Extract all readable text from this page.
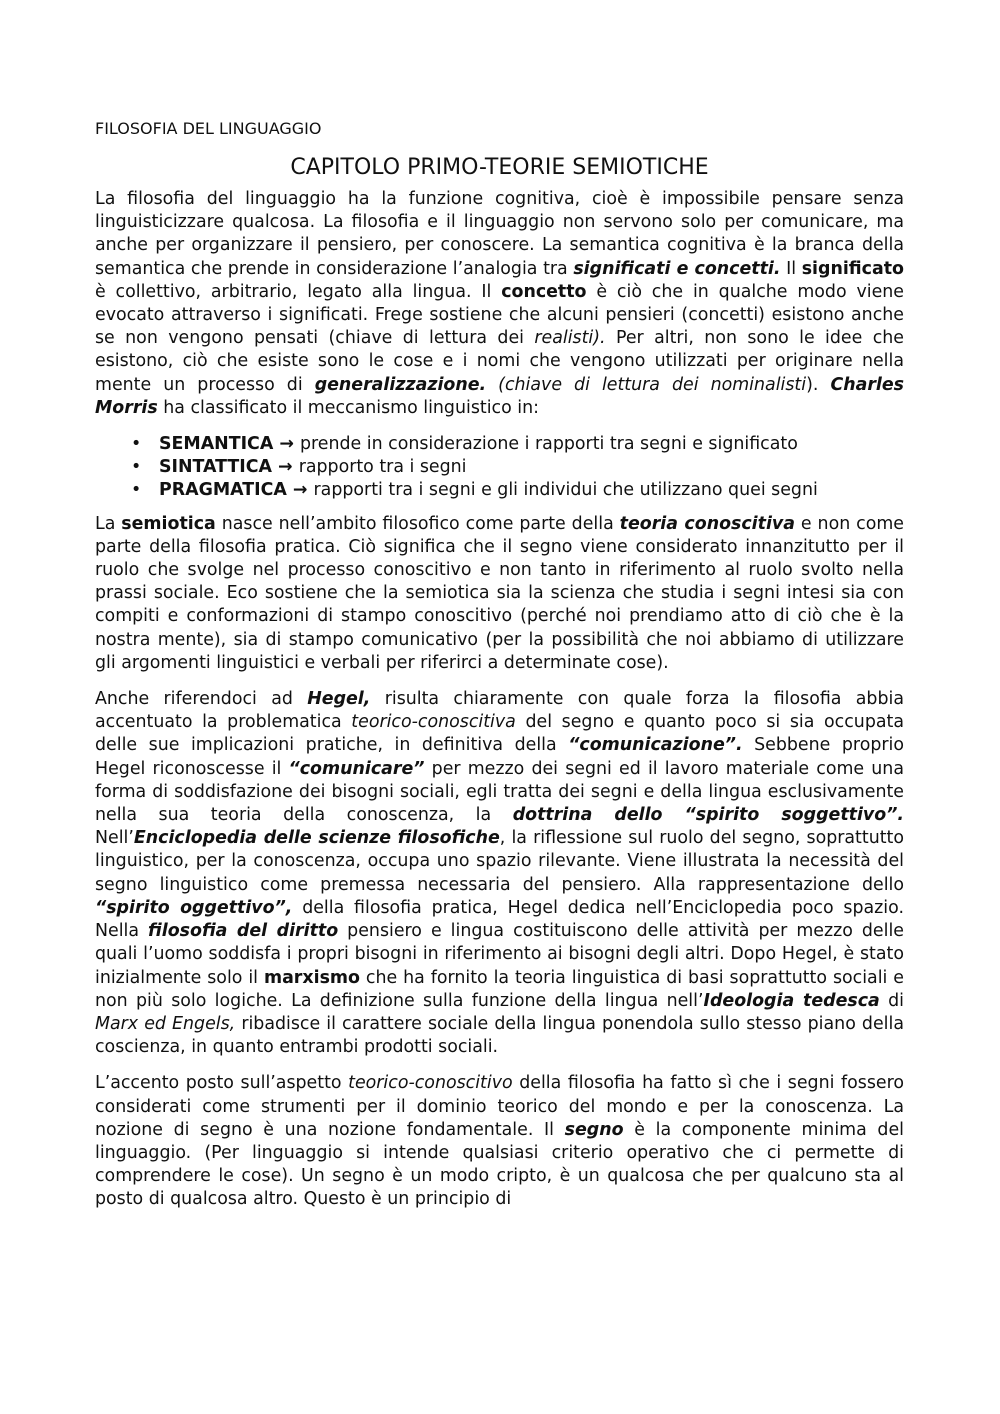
FILOSOFIA DEL LINGUAGGIO
CAPITOLO PRIMO-TEORIE SEMIOTICHE

La filosofia del linguaggio ha la funzione cognitiva, cioè è impossibile pensare senza linguisticizzare qualcosa. La filosofia e il linguaggio non servono solo per comunicare, ma anche per organizzare il pensiero, per conoscere. La semantica cognitiva è la branca della semantica che prende in considerazione l’analogia tra significati e concetti. Il significato è collettivo, arbitrario, legato alla lingua. Il concetto è ciò che in qualche modo viene evocato attraverso i significati. Frege sostiene che alcuni pensieri (concetti) esistono anche se non vengono pensati (chiave di lettura dei realisti). Per altri, non sono le idee che esistono, ciò che esiste sono le cose e i nomi che vengono utilizzati per originare nella mente un processo di generalizzazione. (chiave di lettura dei nominalisti). Charles Morris ha classificato il meccanismo linguistico in:

• SEMANTICA → prende in considerazione i rapporti tra segni e significato
• SINTATTICA → rapporto tra i segni
• PRAGMATICA → rapporti tra i segni e gli individui che utilizzano quei segni

La semiotica nasce nell’ambito filosofico come parte della teoria conoscitiva e non come parte della filosofia pratica. Ciò significa che il segno viene considerato innanzitutto per il ruolo che svolge nel processo conoscitivo e non tanto in riferimento al ruolo svolto nella prassi sociale. Eco sostiene che la semiotica sia la scienza che studia i segni intesi sia con compiti e conformazioni di stampo conoscitivo (perché noi prendiamo atto di ciò che è la nostra mente), sia di stampo comunicativo (per la possibilità che noi abbiamo di utilizzare gli argomenti linguistici e verbali per riferirci a determinate cose).

Anche riferendoci ad Hegel, risulta chiaramente con quale forza la filosofia abbia accentuato la problematica teorico-conoscitiva del segno e quanto poco si sia occupata delle sue implicazioni pratiche, in definitiva della “comunicazione”. Sebbene proprio Hegel riconoscesse il “comunicare” per mezzo dei segni ed il lavoro materiale come una forma di soddisfazione dei bisogni sociali, egli tratta dei segni e della lingua esclusivamente nella sua teoria della conoscenza, la dottrina dello “spirito soggettivo”. Nell’Enciclopedia delle scienze filosofiche, la riflessione sul ruolo del segno, soprattutto linguistico, per la conoscenza, occupa uno spazio rilevante. Viene illustrata la necessità del segno linguistico come premessa necessaria del pensiero. Alla rappresentazione dello “spirito oggettivo”, della filosofia pratica, Hegel dedica nell’Enciclopedia poco spazio. Nella filosofia del diritto pensiero e lingua costituiscono delle attività per mezzo delle quali l’uomo soddisfa i propri bisogni in riferimento ai bisogni degli altri. Dopo Hegel, è stato inizialmente solo il marxismo che ha fornito la teoria linguistica di basi soprattutto sociali e non più solo logiche. La definizione sulla funzione della lingua nell’Ideologia tedesca di Marx ed Engels, ribadisce il carattere sociale della lingua ponendola sullo stesso piano della coscienza, in quanto entrambi prodotti sociali.

L’accento posto sull’aspetto teorico-conoscitivo della filosofia ha fatto sì che i segni fossero considerati come strumenti per il dominio teorico del mondo e per la conoscenza. La nozione di segno è una nozione fondamentale. Il segno è la componente minima del linguaggio. (Per linguaggio si intende qualsiasi criterio operativo che ci permette di comprendere le cose). Un segno è un modo cripto, è un qualcosa che per qualcuno sta al posto di qualcosa altro. Questo è un principio di
